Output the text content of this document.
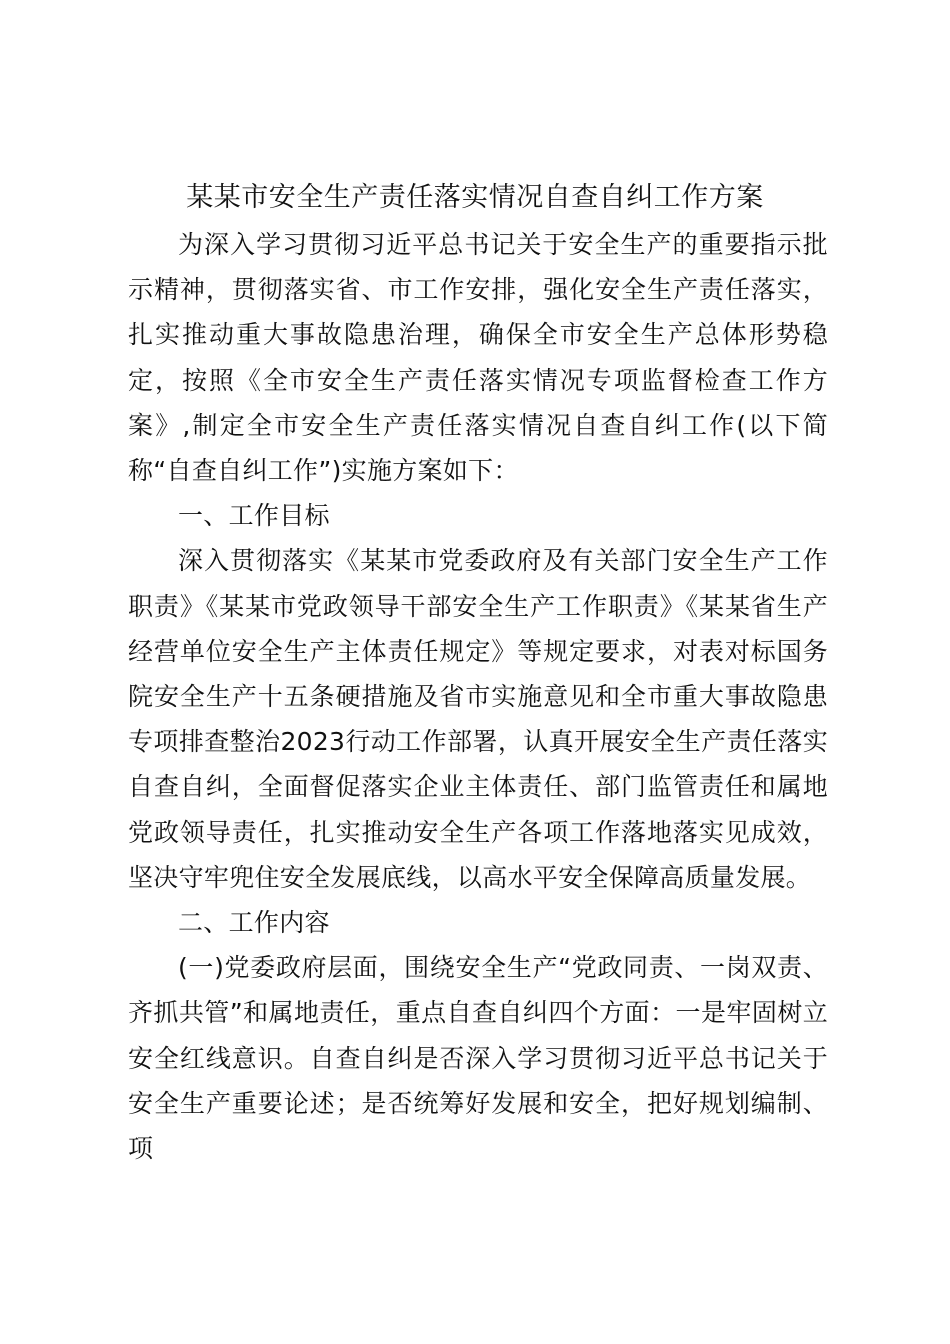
某某市安全生产责任落实情况自查自纠工作方案

为深入学习贯彻习近平总书记关于安全生产的重要指示批示精神，贯彻落实省、市工作安排，强化安全生产责任落实，扎实推动重大事故隐患治理，确保全市安全生产总体形势稳定，按照《全市安全生产责任落实情况专项监督检查工作方案》,制定全市安全生产责任落实情况自查自纠工作(以下简称“自查自纠工作”)实施方案如下：

一、工作目标

深入贯彻落实《某某市党委政府及有关部门安全生产工作职责》《某某市党政领导干部安全生产工作职责》《某某省生产经营单位安全生产主体责任规定》等规定要求，对表对标国务院安全生产十五条硬措施及省市实施意见和全市重大事故隐患专项排查整治2023行动工作部署，认真开展安全生产责任落实自查自纠，全面督促落实企业主体责任、部门监管责任和属地党政领导责任，扎实推动安全生产各项工作落地落实见成效，坚决守牢兜住安全发展底线，以高水平安全保障高质量发展。

二、工作内容

(一)党委政府层面，围绕安全生产“党政同责、一岗双责、齐抓共管”和属地责任，重点自查自纠四个方面：一是牢固树立安全红线意识。自查自纠是否深入学习贯彻习近平总书记关于安全生产重要论述；是否统筹好发展和安全，把好规划编制、项
